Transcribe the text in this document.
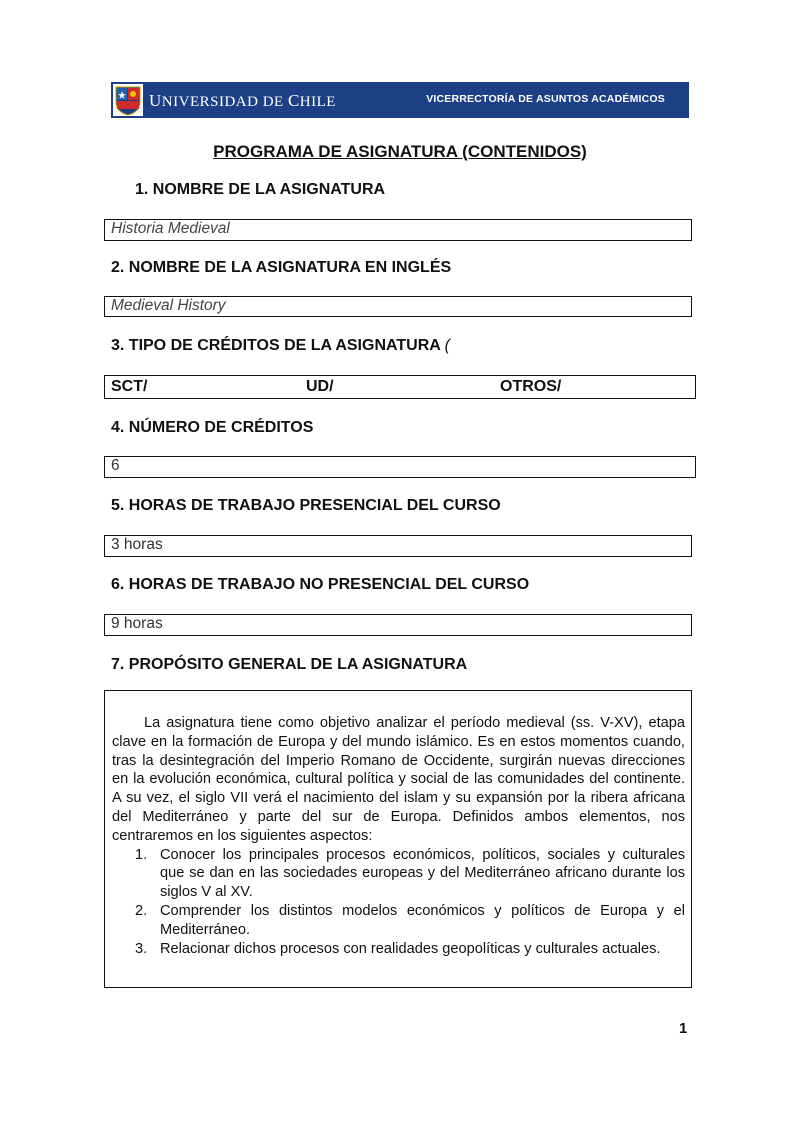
UNIVERSIDAD DE CHILE	VICERRECTORÍA DE ASUNTOS ACADÉMICOS
PROGRAMA DE ASIGNATURA (CONTENIDOS)
1. NOMBRE DE LA ASIGNATURA
Historia Medieval
2. NOMBRE DE LA ASIGNATURA EN INGLÉS
Medieval History
3. TIPO DE CRÉDITOS DE LA ASIGNATURA (
SCT/	UD/	OTROS/
4. NÚMERO DE CRÉDITOS
6
5. HORAS DE TRABAJO PRESENCIAL DEL CURSO
3 horas
6. HORAS DE TRABAJO NO PRESENCIAL DEL CURSO
9 horas
7. PROPÓSITO GENERAL DE LA ASIGNATURA

La asignatura tiene como objetivo analizar el período medieval (ss. V-XV), etapa clave en la formación de Europa y del mundo islámico. Es en estos momentos cuando, tras la desintegración del Imperio Romano de Occidente, surgirán nuevas direcciones en la evolución económica, cultural política y social de las comunidades del continente. A su vez, el siglo VII verá el nacimiento del islam y su expansión por la ribera africana del Mediterráneo y parte del sur de Europa. Definidos ambos elementos, nos centraremos en los siguientes aspectos:

1. Conocer los principales procesos económicos, políticos, sociales y culturales que se dan en las sociedades europeas y del Mediterráneo africano durante los siglos V al XV.
2. Comprender los distintos modelos económicos y políticos de Europa y el Mediterráneo.
3. Relacionar dichos procesos con realidades geopolíticas y culturales actuales.
1
